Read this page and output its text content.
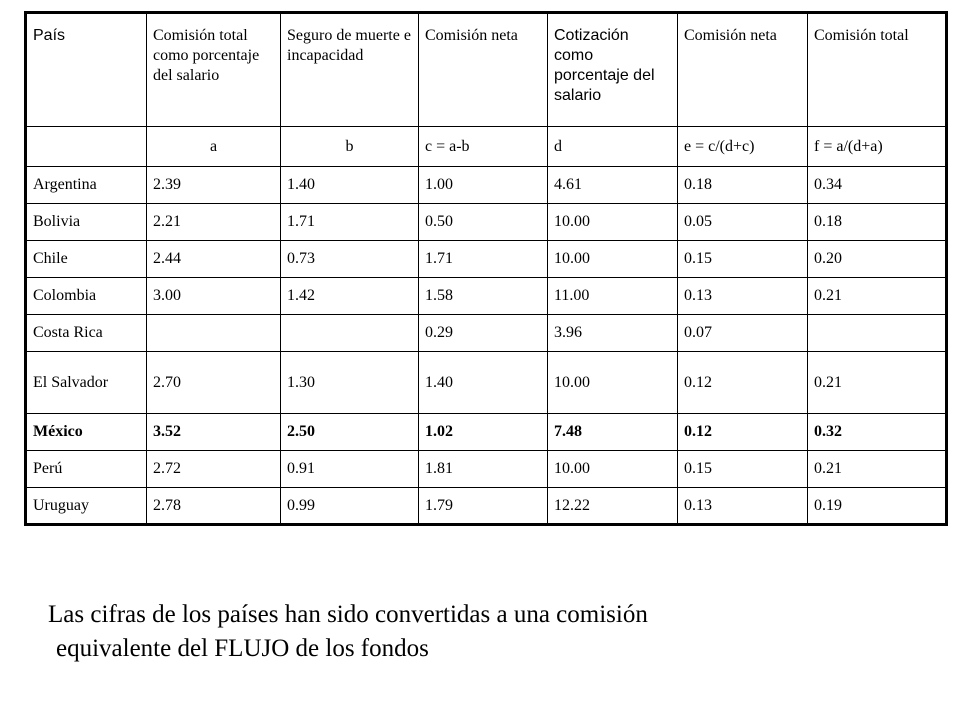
País	Comisión total como porcentaje del salario	Seguro de muerte e incapacidad	Comisión neta	Cotización como porcentaje del salario	Comisión neta	Comisión total
	a	b	c = a-b	d	e = c/(d+c)	f = a/(d+a)
Argentina	2.39	1.40	1.00	4.61	0.18	0.34
Bolivia	2.21	1.71	0.50	10.00	0.05	0.18
Chile	2.44	0.73	1.71	10.00	0.15	0.20
Colombia	3.00	1.42	1.58	11.00	0.13	0.21
Costa Rica			0.29	3.96	0.07	
El Salvador	2.70	1.30	1.40	10.00	0.12	0.21
México	3.52	2.50	1.02	7.48	0.12	0.32
Perú	2.72	0.91	1.81	10.00	0.15	0.21
Uruguay	2.78	0.99	1.79	12.22	0.13	0.19
Las cifras de los países han sido convertidas a una comisión
equivalente del FLUJO de los fondos
